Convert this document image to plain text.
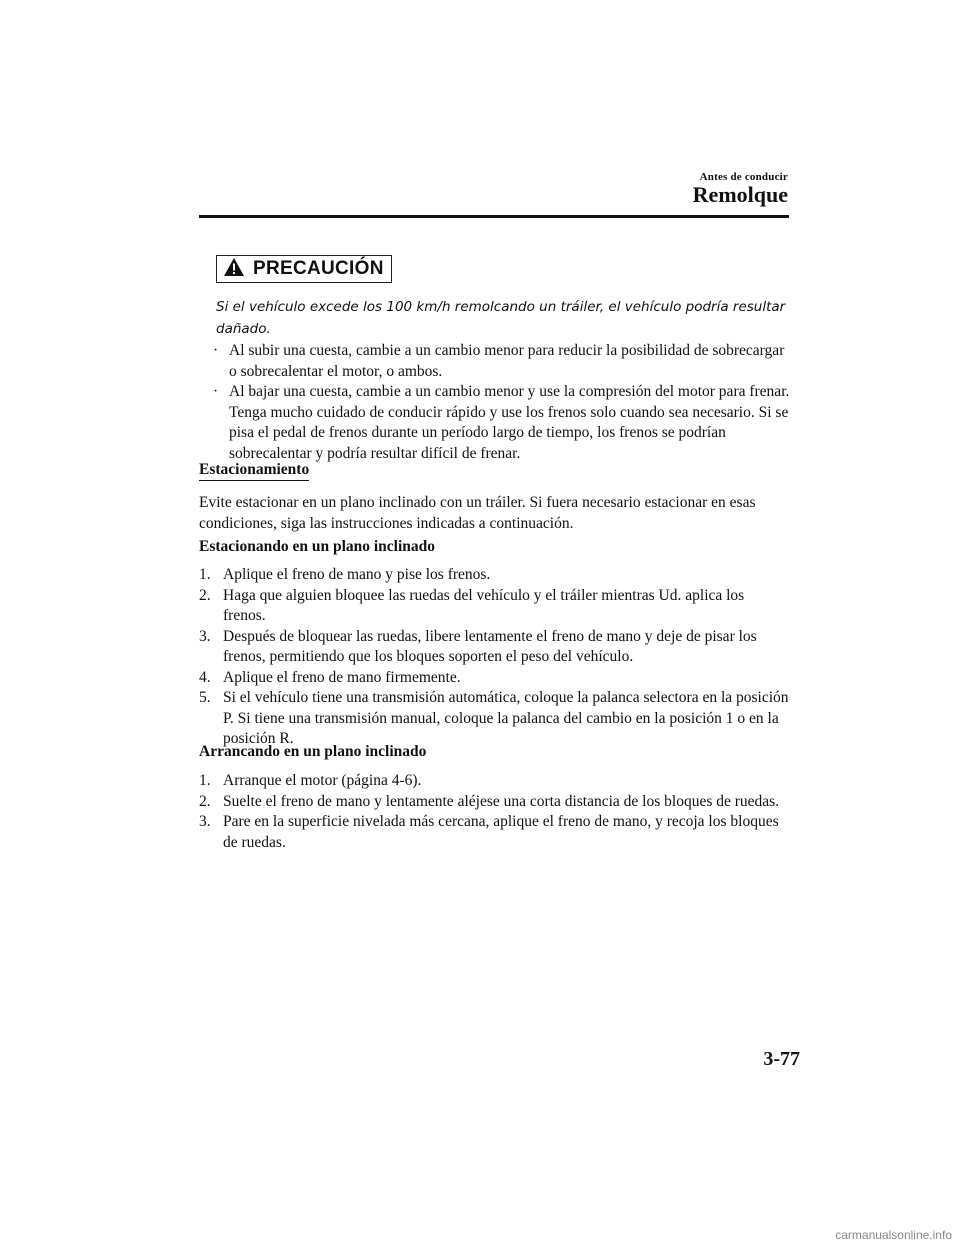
Antes de conducir
Remolque
PRECAUCIÓN
Si el vehículo excede los 100 km/h remolcando un tráiler, el vehículo podría resultar dañado.
· Al subir una cuesta, cambie a un cambio menor para reducir la posibilidad de sobrecargar o sobrecalentar el motor, o ambos.
· Al bajar una cuesta, cambie a un cambio menor y use la compresión del motor para frenar. Tenga mucho cuidado de conducir rápido y use los frenos solo cuando sea necesario. Si se pisa el pedal de frenos durante un período largo de tiempo, los frenos se podrían sobrecalentar y podría resultar difícil de frenar.
Estacionamiento
Evite estacionar en un plano inclinado con un tráiler. Si fuera necesario estacionar en esas condiciones, siga las instrucciones indicadas a continuación.
Estacionando en un plano inclinado
1. Aplique el freno de mano y pise los frenos.
2. Haga que alguien bloquee las ruedas del vehículo y el tráiler mientras Ud. aplica los frenos.
3. Después de bloquear las ruedas, libere lentamente el freno de mano y deje de pisar los frenos, permitiendo que los bloques soporten el peso del vehículo.
4. Aplique el freno de mano firmemente.
5. Si el vehículo tiene una transmisión automática, coloque la palanca selectora en la posición P. Si tiene una transmisión manual, coloque la palanca del cambio en la posición 1 o en la posición R.
Arrancando en un plano inclinado
1. Arranque el motor (página 4-6).
2. Suelte el freno de mano y lentamente aléjese una corta distancia de los bloques de ruedas.
3. Pare en la superficie nivelada más cercana, aplique el freno de mano, y recoja los bloques de ruedas.
3-77
carmanualsonline.info
